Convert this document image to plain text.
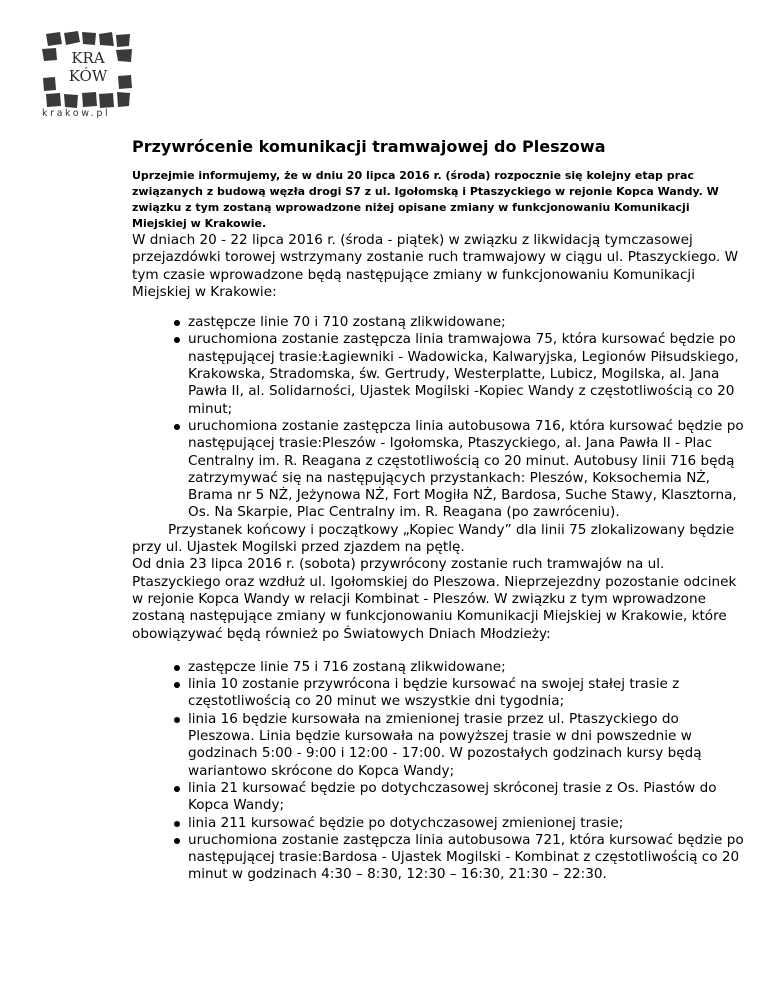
KRA
KÓW
krakow.pl
Przywrócenie komunikacji tramwajowej do Pleszowa

Uprzejmie informujemy, że w dniu 20 lipca 2016 r. (środa) rozpocznie się kolejny etap prac związanych z budową węzła drogi S7 z ul. Igołomską i Ptaszyckiego w rejonie Kopca Wandy. W związku z tym zostaną wprowadzone niżej opisane zmiany w funkcjonowaniu Komunikacji Miejskiej w Krakowie.

W dniach 20 - 22 lipca 2016 r. (środa - piątek) w związku z likwidacją tymczasowej przejazdówki torowej wstrzymany zostanie ruch tramwajowy w ciągu ul. Ptaszyckiego. W tym czasie wprowadzone będą następujące zmiany w funkcjonowaniu Komunikacji Miejskiej w Krakowie:

zastępcze linie 70 i 710 zostaną zlikwidowane;
uruchomiona zostanie zastępcza linia tramwajowa 75, która kursować będzie po następującej trasie:Łagiewniki - Wadowicka, Kalwaryjska, Legionów Piłsudskiego, Krakowska, Stradomska, św. Gertrudy, Westerplatte, Lubicz, Mogilska, al. Jana Pawła II, al. Solidarności, Ujastek Mogilski -Kopiec Wandy z częstotliwością co 20 minut;
uruchomiona zostanie zastępcza linia autobusowa 716, która kursować będzie po następującej trasie:Pleszów - Igołomska, Ptaszyckiego, al. Jana Pawła II - Plac Centralny im. R. Reagana z częstotliwością co 20 minut. Autobusy linii 716 będą zatrzymywać się na następujących przystankach: Pleszów, Koksochemia NŻ, Brama nr 5 NŻ, Jeżynowa NŻ, Fort Mogiła NŻ, Bardosa, Suche Stawy, Klasztorna, Os. Na Skarpie, Plac Centralny im. R. Reagana (po zawróceniu).

Przystanek końcowy i początkowy „Kopiec Wandy” dla linii 75 zlokalizowany będzie przy ul. Ujastek Mogilski przed zjazdem na pętlę.

Od dnia 23 lipca 2016 r. (sobota) przywrócony zostanie ruch tramwajów na ul. Ptaszyckiego oraz wzdłuż ul. Igołomskiej do Pleszowa. Nieprzejezdny pozostanie odcinek w rejonie Kopca Wandy w relacji Kombinat - Pleszów. W związku z tym wprowadzone zostaną następujące zmiany w funkcjonowaniu Komunikacji Miejskiej w Krakowie, które obowiązywać będą również po Światowych Dniach Młodzieży:

zastępcze linie 75 i 716 zostaną zlikwidowane;
linia 10 zostanie przywrócona i będzie kursować na swojej stałej trasie z częstotliwością co 20 minut we wszystkie dni tygodnia;
linia 16 będzie kursowała na zmienionej trasie przez ul. Ptaszyckiego do Pleszowa. Linia będzie kursowała na powyższej trasie w dni powszednie w godzinach 5:00 - 9:00 i 12:00 - 17:00. W pozostałych godzinach kursy będą wariantowo skrócone do Kopca Wandy;
linia 21 kursować będzie po dotychczasowej skróconej trasie z Os. Piastów do Kopca Wandy;
linia 211 kursować będzie po dotychczasowej zmienionej trasie;
uruchomiona zostanie zastępcza linia autobusowa 721, która kursować będzie po następującej trasie:Bardosa - Ujastek Mogilski - Kombinat z częstotliwością co 20 minut w godzinach 4:30 – 8:30, 12:30 – 16:30, 21:30 – 22:30.
